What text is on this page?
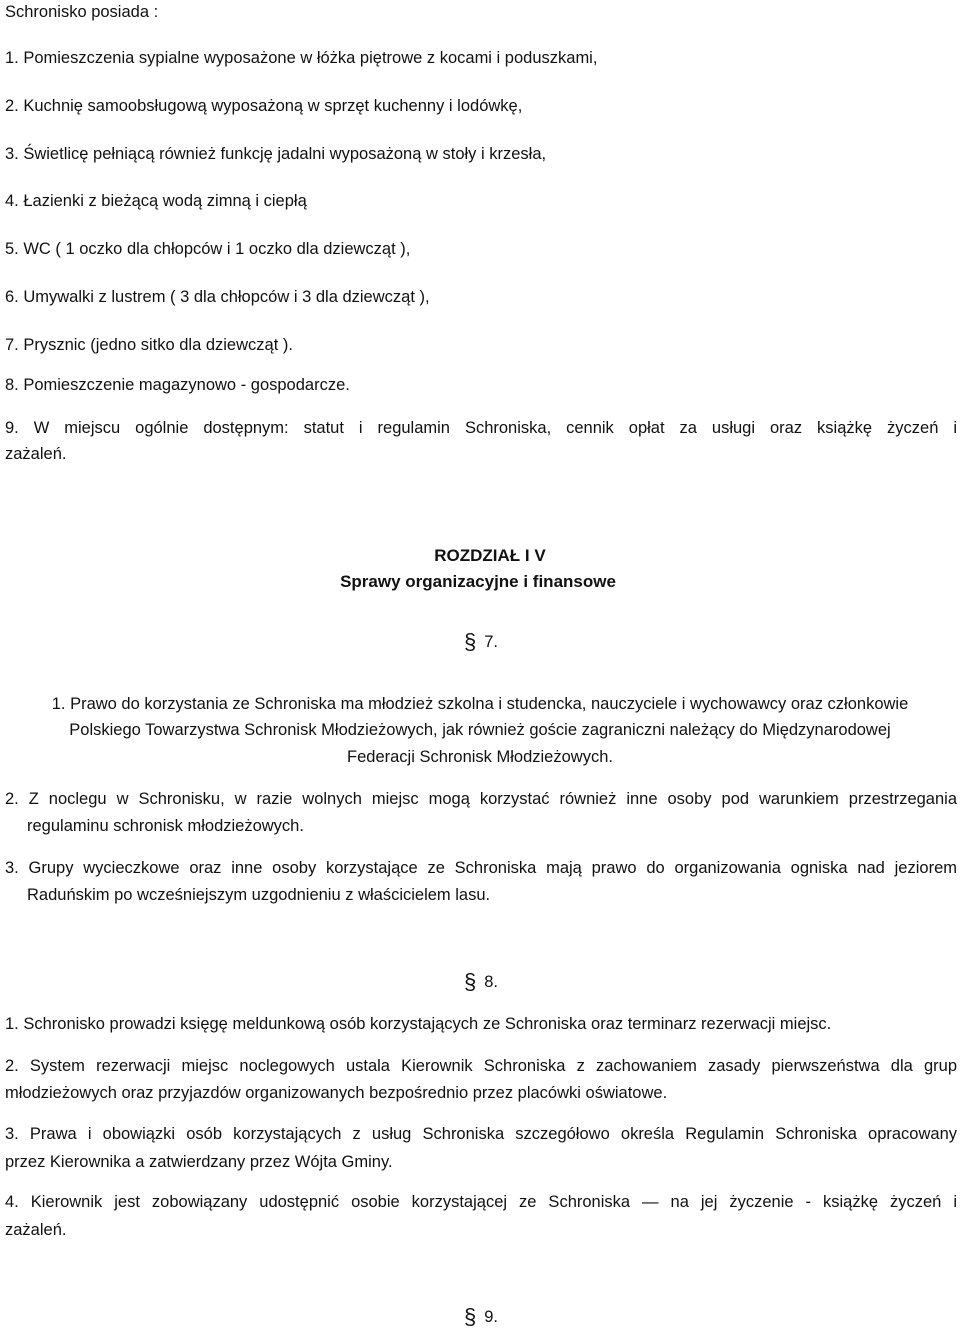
Schronisko posiada :
1. Pomieszczenia sypialne wyposażone w łóżka piętrowe z kocami i poduszkami,
2. Kuchnię samoobsługową wyposażoną w sprzęt kuchenny i lodówkę,
3. Świetlicę pełniącą również funkcję jadalni wyposażoną w stoły i krzesła,
4. Łazienki z bieżącą wodą zimną i ciepłą
5. WC ( 1 oczko dla chłopców i 1 oczko dla dziewcząt ),
6. Umywalki z lustrem ( 3 dla chłopców i 3 dla dziewcząt ),
7. Prysznic (jedno sitko dla dziewcząt ).
8. Pomieszczenie magazynowo - gospodarcze.
9. W miejscu ogólnie dostępnym: statut i regulamin Schroniska, cennik opłat za usługi oraz książkę życzeń i
zażaleń.
ROZDZIAŁ I V
Sprawy organizacyjne i finansowe
§ 7.
1. Prawo do korzystania ze Schroniska ma młodzież szkolna i studencka, nauczyciele i wychowawcy oraz członkowie
Polskiego Towarzystwa Schronisk Młodzieżowych, jak również goście zagraniczni należący do Międzynarodowej
Federacji Schronisk Młodzieżowych.
2. Z noclegu w Schronisku, w razie wolnych miejsc mogą korzystać również inne osoby pod warunkiem przestrzegania
regulaminu schronisk młodzieżowych.
3. Grupy wycieczkowe oraz inne osoby korzystające ze Schroniska mają prawo do organizowania ogniska nad jeziorem
Raduńskim po wcześniejszym uzgodnieniu z właścicielem lasu.
§ 8.
1. Schronisko prowadzi księgę meldunkową osób korzystających ze Schroniska oraz terminarz rezerwacji miejsc.
2. System rezerwacji miejsc noclegowych ustala Kierownik Schroniska z zachowaniem zasady pierwszeństwa dla grup
młodzieżowych oraz przyjazdów organizowanych bezpośrednio przez placówki oświatowe.
3. Prawa i obowiązki osób korzystających z usług Schroniska szczegółowo określa Regulamin Schroniska opracowany
przez Kierownika a zatwierdzany przez Wójta Gminy.
4. Kierownik jest zobowiązany udostępnić osobie korzystającej ze Schroniska — na jej życzenie - książkę życzeń i
zażaleń.
§ 9.
